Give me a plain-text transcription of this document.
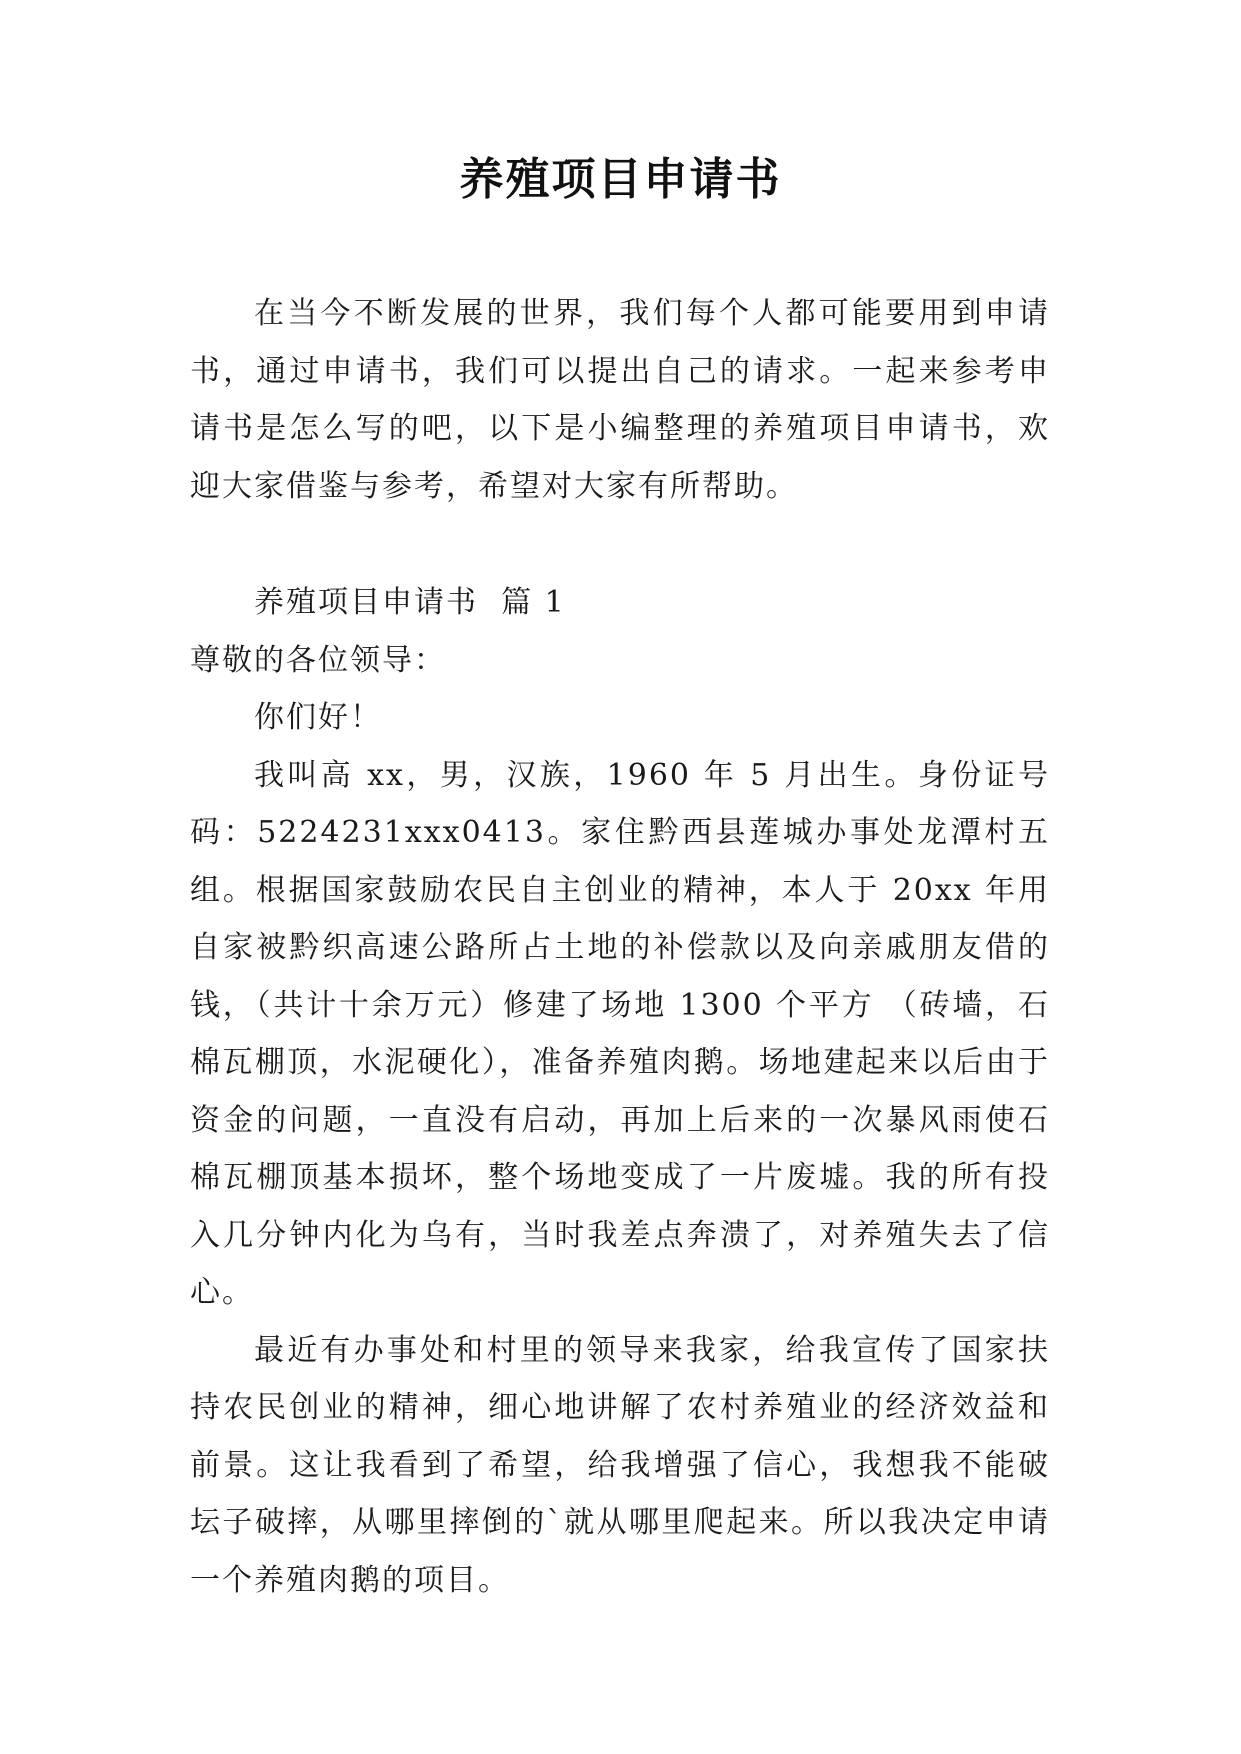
养殖项目申请书

在当今不断发展的世界，我们每个人都可能要用到申请书，通过申请书，我们可以提出自己的请求。一起来参考申请书是怎么写的吧，以下是小编整理的养殖项目申请书，欢迎大家借鉴与参考，希望对大家有所帮助。

养殖项目申请书  篇 1

尊敬的各位领导：

你们好！

我叫高 xx，男，汉族，1960 年 5 月出生。身份证号码：5224231xxx0413。家住黔西县莲城办事处龙潭村五组。根据国家鼓励农民自主创业的精神，本人于 20xx 年用自家被黔织高速公路所占土地的补偿款以及向亲戚朋友借的钱，（共计十余万元）修建了场地 1300 个平方 （砖墙，石棉瓦棚顶，水泥硬化），准备养殖肉鹅。场地建起来以后由于资金的问题，一直没有启动，再加上后来的一次暴风雨使石棉瓦棚顶基本损坏，整个场地变成了一片废墟。我的所有投入几分钟内化为乌有，当时我差点奔溃了，对养殖失去了信心。

最近有办事处和村里的领导来我家，给我宣传了国家扶持农民创业的精神，细心地讲解了农村养殖业的经济效益和前景。这让我看到了希望，给我增强了信心，我想我不能破坛子破摔，从哪里摔倒的`就从哪里爬起来。所以我决定申请一个养殖肉鹅的项目。
